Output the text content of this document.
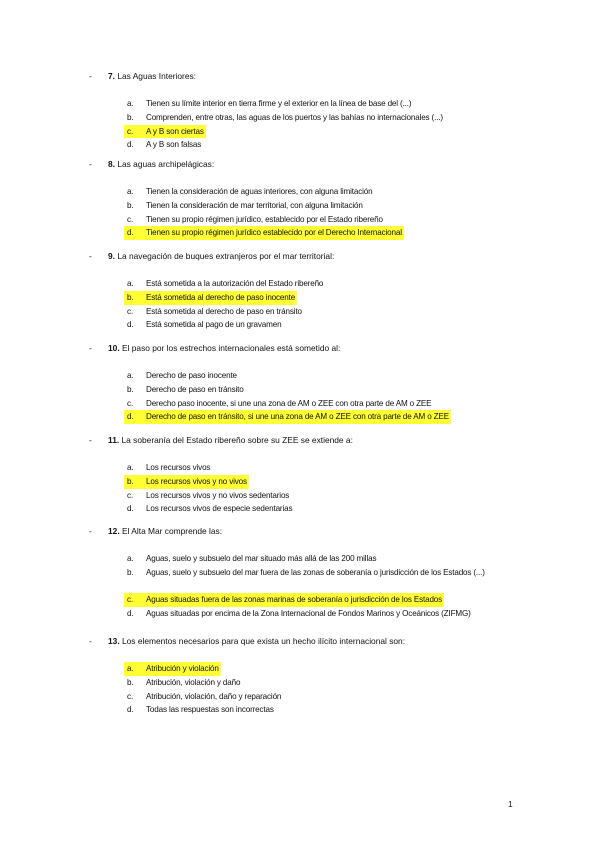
- 7. Las Aguas Interiores:
a.	Tienen su límite interior en tierra firme y el exterior en la línea de base del (...)
b.	Comprenden, entre otras, las aguas de los puertos y las bahías no internacionales (...)
c.	A y B son ciertas
d.	A y B son falsas
- 8. Las aguas archipelágicas:
a.	Tienen la consideración de aguas interiores, con alguna limitación
b.	Tienen la consideración de mar territorial, con alguna limitación
c.	Tienen su propio régimen jurídico, establecido por el Estado ribereño
d.	Tienen su propio régimen jurídico establecido por el Derecho Internacional
- 9. La navegación de buques extranjeros por el mar territorial:
a.	Está sometida a la autorización del Estado ribereño
b.	Está sometida al derecho de paso inocente
c.	Está sometida al derecho de paso en tránsito
d.	Está sometida al pago de un gravamen
- 10. El paso por los estrechos internacionales está sometido al:
a.	Derecho de paso inocente
b.	Derecho de paso en tránsito
c.	Derecho paso inocente, si une una zona de AM o ZEE con otra parte de AM o ZEE
d.	Derecho de paso en tránsito, si une una zona de AM o ZEE con otra parte de AM o ZEE
- 11. La soberanía del Estado ribereño sobre su ZEE se extiende a:
a.	Los recursos vivos
b.	Los recursos vivos y no vivos
c.	Los recursos vivos y no vivos sedentarios
d.	Los recursos vivos de especie sedentarias
- 12. El Alta Mar comprende las:
a.	Aguas, suelo y subsuelo del mar situado más allá de las 200 millas
b.	Aguas, suelo y subsuelo del mar fuera de las zonas de soberanía o jurisdicción de los Estados (...)
c.	Aguas situadas fuera de las zonas marinas de soberanía o jurisdicción de los Estados
d.	Aguas situadas por encima de la Zona Internacional de Fondos Marinos y Oceánicos (ZIFMG)
- 13. Los elementos necesarios para que exista un hecho ilícito internacional son:
a.	Atribución y violación
b.	Atribución, violación y daño
c.	Atribución, violación, daño y reparación
d.	Todas las respuestas son incorrectas
1
